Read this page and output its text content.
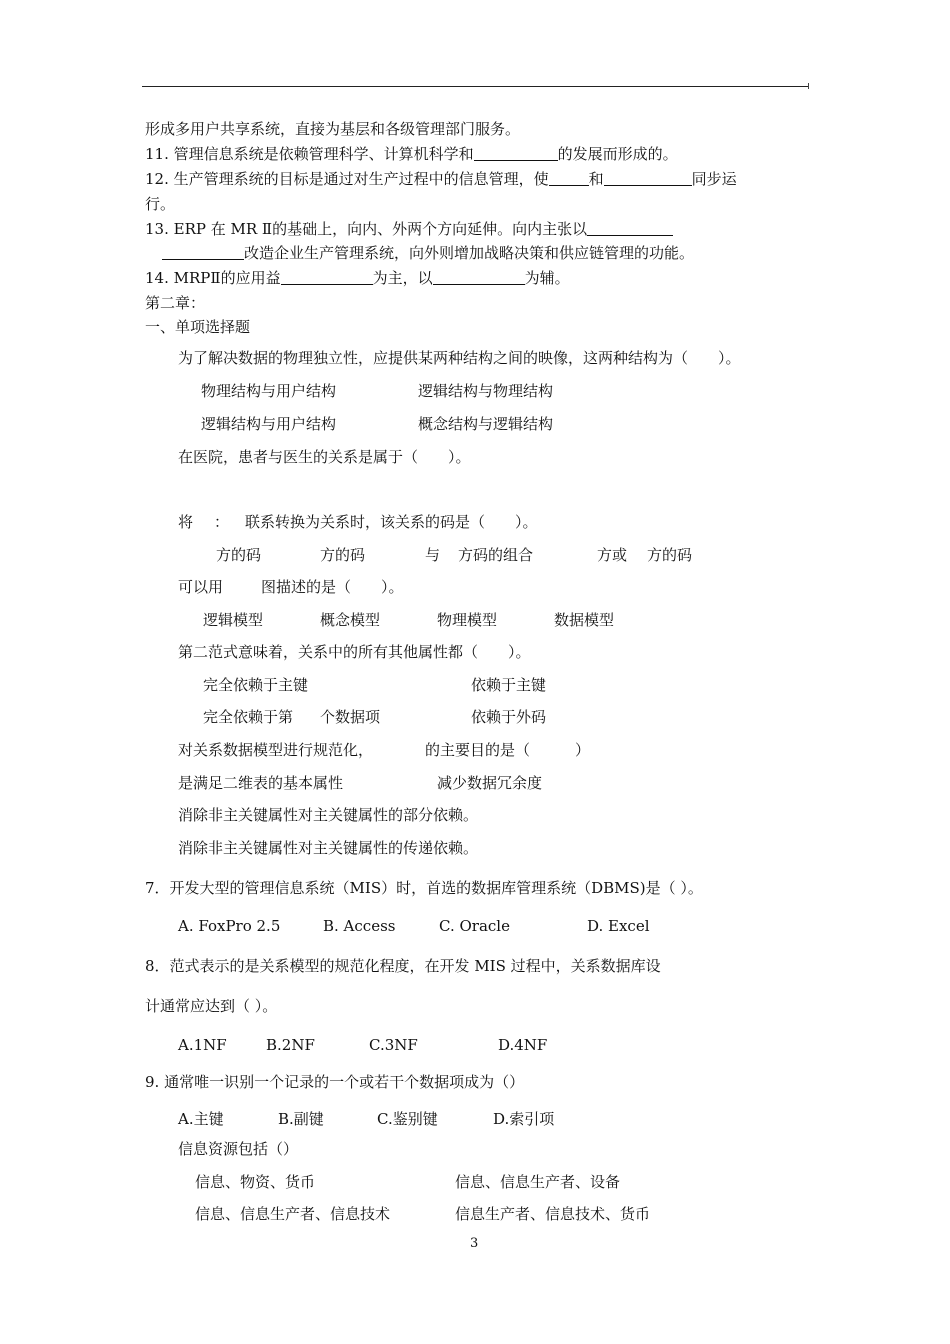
形成多用户共享系统，直接为基层和各级管理部门服务。
11. 管理信息系统是依赖管理科学、计算机科学和	的发展而形成的。
12. 生产管理系统的目标是通过对生产过程中的信息管理，使	和	同步运
行。
13. ERP 在 MR Ⅱ的基础上，向内、外两个方向延伸。向内主张以
改造企业生产管理系统，向外则增加战略决策和供应链管理的功能。
14. MRPⅡ的应用益	为主，以	为辅。
第二章：
一、单项选择题
为了解决数据的物理独立性，应提供某两种结构之间的映像，这两种结构为（　　）。
物理结构与用户结构	逻辑结构与物理结构
逻辑结构与用户结构	概念结构与逻辑结构
在医院，患者与医生的关系是属于（　　）。
将 ： 联系转换为关系时，该关系的码是（　　）。
方的码	方的码	与 方码的组合	方或 方的码
可以用	图描述的是（　　）。
逻辑模型	概念模型	物理模型	数据模型
第二范式意味着，关系中的所有其他属性都（　　）。
完全依赖于主键	依赖于主键
完全依赖于第 个数据项	依赖于外码
对关系数据模型进行规范化，	的主要目的是（　　　）
是满足二维表的基本属性	减少数据冗余度
消除非主关键属性对主关键属性的部分依赖。
消除非主关键属性对主关键属性的传递依赖。
7．开发大型的管理信息系统（MIS）时，首选的数据库管理系统（DBMS)是（ ）。
A. FoxPro 2.5	B. Access	C. Oracle	D. Excel
8．范式表示的是关系模型的规范化程度，在开发 MIS 过程中，关系数据库设
计通常应达到（ ）。
A.1NF	B.2NF	C.3NF	D.4NF
9. 通常唯一识别一个记录的一个或若干个数据项成为（）
A.主键	B.副键	C.鉴别键	D.索引项
信息资源包括（）
信息、物资、货币	信息、信息生产者、设备
信息、信息生产者、信息技术	信息生产者、信息技术、货币
3
